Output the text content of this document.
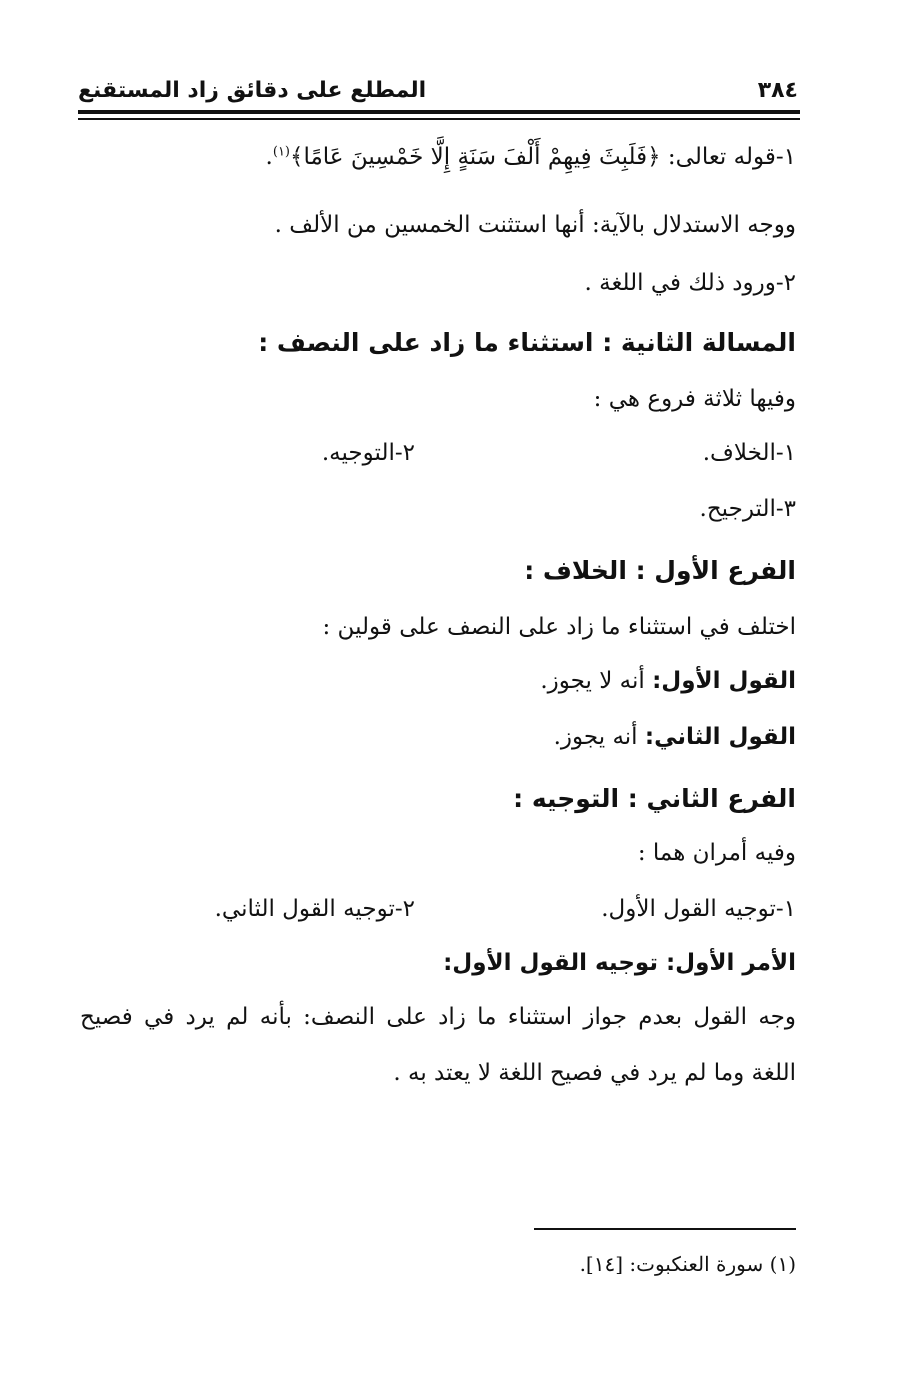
٣٨٤
المطلع على دقائق زاد المستقنع
١-قوله تعالى: ﴿فَلَبِثَ فِيهِمْ أَلْفَ سَنَةٍ إِلَّا خَمْسِينَ عَامًا﴾$^{(١)}$.
ووجه الاستدلال بالآية: أنها استثنت الخمسين من الألف .
٢-ورود ذلك في اللغة .
المسالة الثانية : استثناء ما زاد على النصف :
وفيها ثلاثة فروع هي :
١-الخلاف.
٢-التوجيه.
٣-الترجيح.
الفرع الأول : الخلاف :
اختلف في استثناء ما زاد على النصف على قولين :
القول الأول: أنه لا يجوز.
القول الثاني: أنه يجوز.
الفرع الثاني : التوجيه :
وفيه أمران هما :
١-توجيه القول الأول.
٢-توجيه القول الثاني.
الأمر الأول: توجيه القول الأول:
وجه القول بعدم جواز استثناء ما زاد على النصف: بأنه لم يرد في فصيح
اللغة وما لم يرد في فصيح اللغة لا يعتد به .
(١) سورة العنكبوت: [١٤].
